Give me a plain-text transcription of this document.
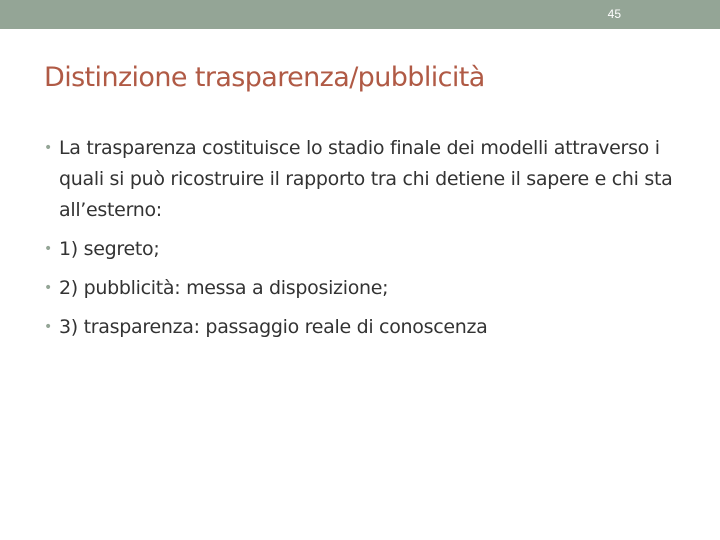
45
Distinzione trasparenza/pubblicità
• La trasparenza costituisce lo stadio finale dei modelli attraverso i quali si può ricostruire il rapporto tra chi detiene il sapere e chi sta all’esterno:
• 1) segreto;
• 2) pubblicità: messa a disposizione;
• 3) trasparenza: passaggio reale di conoscenza
